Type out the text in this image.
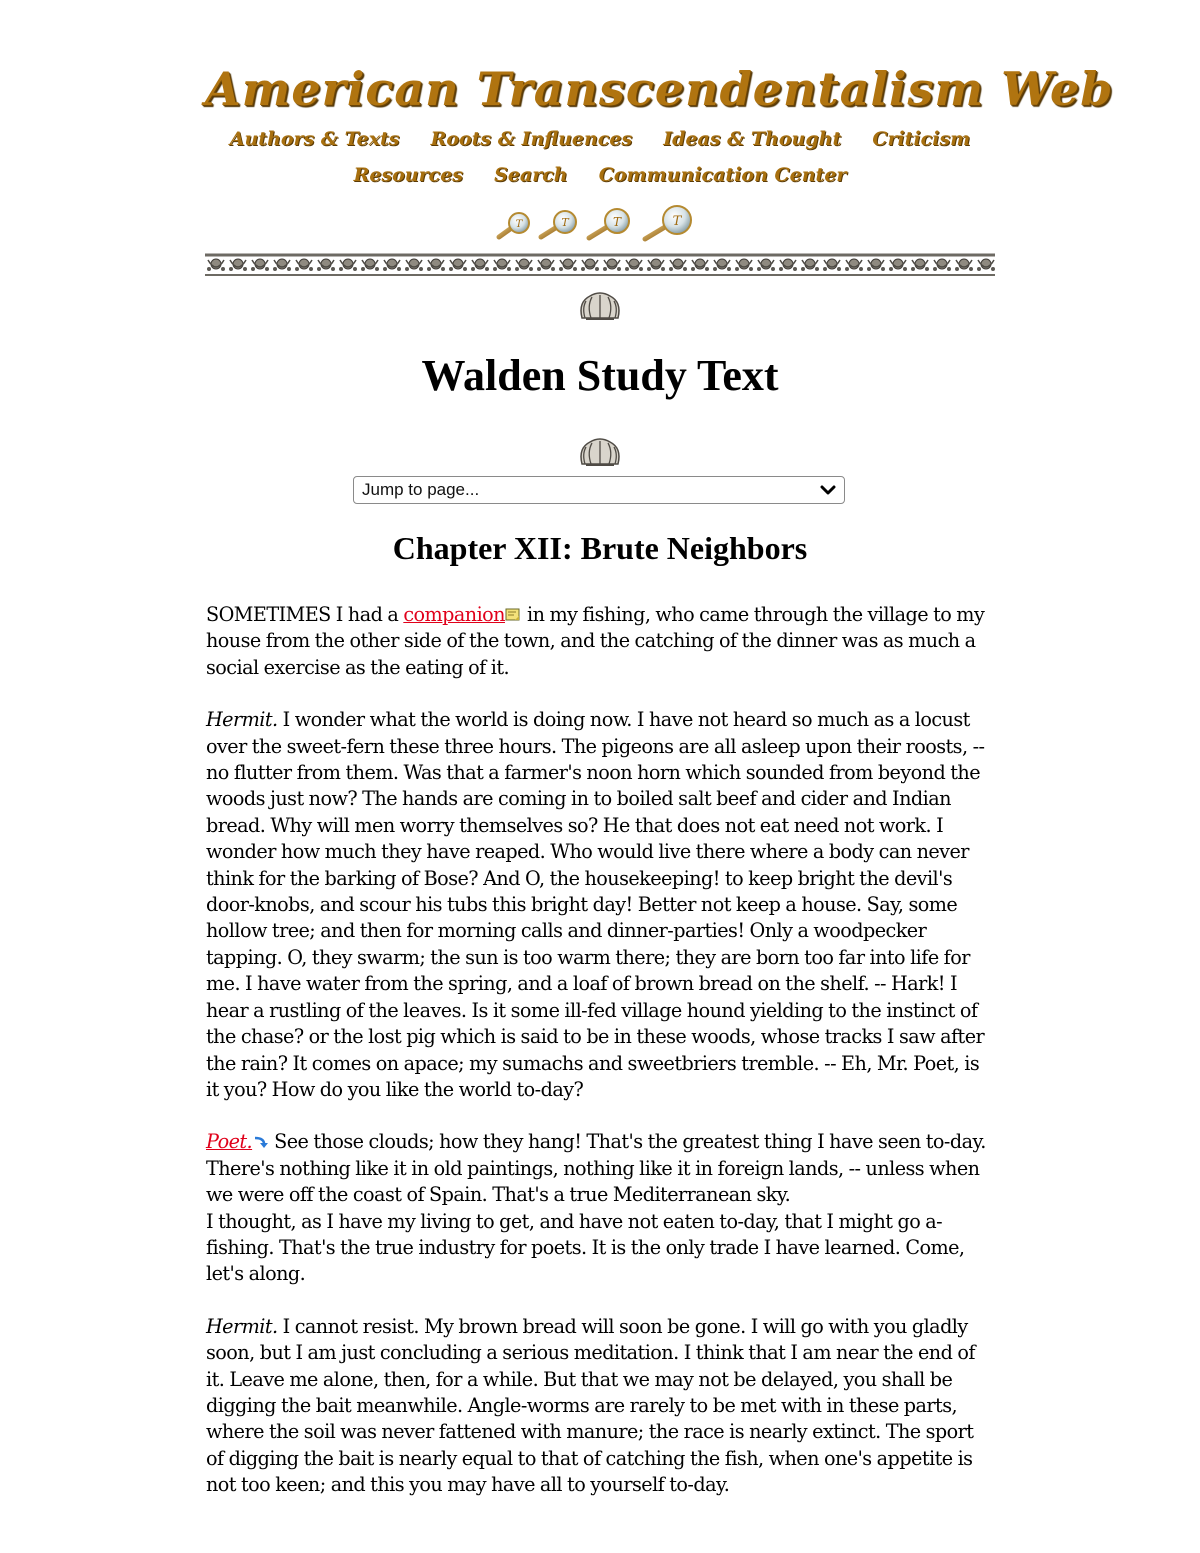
American Transcendentalism Web
Authors & Texts Roots & Influences Ideas & Thought Criticism
Resources Search Communication Center
T	T	T	T
Walden Study Text
Jump to page...
Chapter XII: Brute Neighbors

SOMETIMES I had a companion in my fishing, who came through the village to my house from the other side of the town, and the catching of the dinner was as much a social exercise as the eating of it.

Hermit. I wonder what the world is doing now. I have not heard so much as a locust over the sweet-fern these three hours. The pigeons are all asleep upon their roosts, -- no flutter from them. Was that a farmer's noon horn which sounded from beyond the woods just now? The hands are coming in to boiled salt beef and cider and Indian bread. Why will men worry themselves so? He that does not eat need not work. I wonder how much they have reaped. Who would live there where a body can never think for the barking of Bose? And O, the housekeeping! to keep bright the devil's door-knobs, and scour his tubs this bright day! Better not keep a house. Say, some hollow tree; and then for morning calls and dinner-parties! Only a woodpecker tapping. O, they swarm; the sun is too warm there; they are born too far into life for me. I have water from the spring, and a loaf of brown bread on the shelf. -- Hark! I hear a rustling of the leaves. Is it some ill-fed village hound yielding to the instinct of the chase? or the lost pig which is said to be in these woods, whose tracks I saw after the rain? It comes on apace; my sumachs and sweetbriers tremble. -- Eh, Mr. Poet, is it you? How do you like the world to-day?

Poet. See those clouds; how they hang! That's the greatest thing I have seen to-day. There's nothing like it in old paintings, nothing like it in foreign lands, -- unless when we were off the coast of Spain. That's a true Mediterranean sky.
I thought, as I have my living to get, and have not eaten to-day, that I might go a-fishing. That's the true industry for poets. It is the only trade I have learned. Come, let's along.

Hermit. I cannot resist. My brown bread will soon be gone. I will go with you gladly soon, but I am just concluding a serious meditation. I think that I am near the end of it. Leave me alone, then, for a while. But that we may not be delayed, you shall be digging the bait meanwhile. Angle-worms are rarely to be met with in these parts, where the soil was never fattened with manure; the race is nearly extinct. The sport of digging the bait is nearly equal to that of catching the fish, when one's appetite is not too keen; and this you may have all to yourself to-day.
